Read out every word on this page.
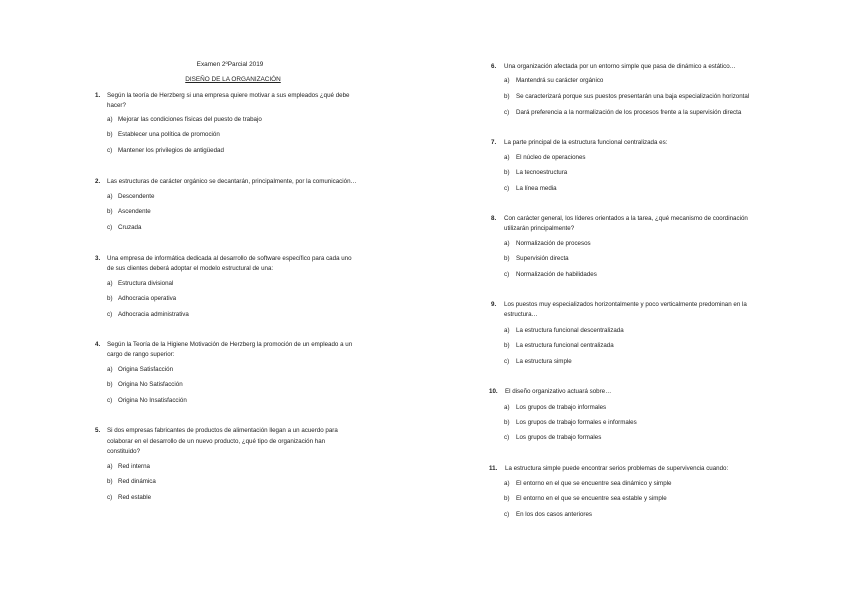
Examen 2ºParcial 2019
DISEÑO DE LA ORGANIZACIÓN
1. Según la teoría de Herzberg si una empresa quiere motivar a sus empleados ¿qué debe
hacer?
a) Mejorar las condiciones físicas del puesto de trabajo
b) Establecer una política de promoción
c) Mantener los privilegios de antigüedad
2. Las estructuras de carácter orgánico se decantarán, principalmente, por la comunicación…
a) Descendente
b) Ascendente
c) Cruzada
3. Una empresa de informática dedicada al desarrollo de software específico para cada uno
de sus clientes deberá adoptar el modelo estructural de una:
a) Estructura divisional
b) Adhocracia operativa
c) Adhocracia administrativa
4. Según la Teoría de la Higiene Motivación de Herzberg la promoción de un empleado a un
cargo de rango superior:
a) Origina Satisfacción
b) Origina No Satisfacción
c) Origina No Insatisfacción
5. Si dos empresas fabricantes de productos de alimentación llegan a un acuerdo para
colaborar en el desarrollo de un nuevo producto, ¿qué tipo de organización han
constituido?
a) Red interna
b) Red dinámica
c) Red estable
6. Una organización afectada por un entorno simple que pasa de dinámico a estático…
a) Mantendrá su carácter orgánico
b) Se caracterizará porque sus puestos presentarán una baja especialización horizontal
c) Dará preferencia a la normalización de los procesos frente a la supervisión directa
7. La parte principal de la estructura funcional centralizada es:
a) El núcleo de operaciones
b) La tecnoestructura
c) La línea media
8. Con carácter general, los líderes orientados a la tarea, ¿qué mecanismo de coordinación
utilizarán principalmente?
a) Normalización de procesos
b) Supervisión directa
c) Normalización de habilidades
9. Los puestos muy especializados horizontalmente y poco verticalmente predominan en la
estructura…
a) La estructura funcional descentralizada
b) La estructura funcional centralizada
c) La estructura simple
10. El diseño organizativo actuará sobre…
a) Los grupos de trabajo informales
b) Los grupos de trabajo formales e informales
c) Los grupos de trabajo formales
11. La estructura simple puede encontrar serios problemas de supervivencia cuando:
a) El entorno en el que se encuentre sea dinámico y simple
b) El entorno en el que se encuentre sea estable y simple
c) En los dos casos anteriores
